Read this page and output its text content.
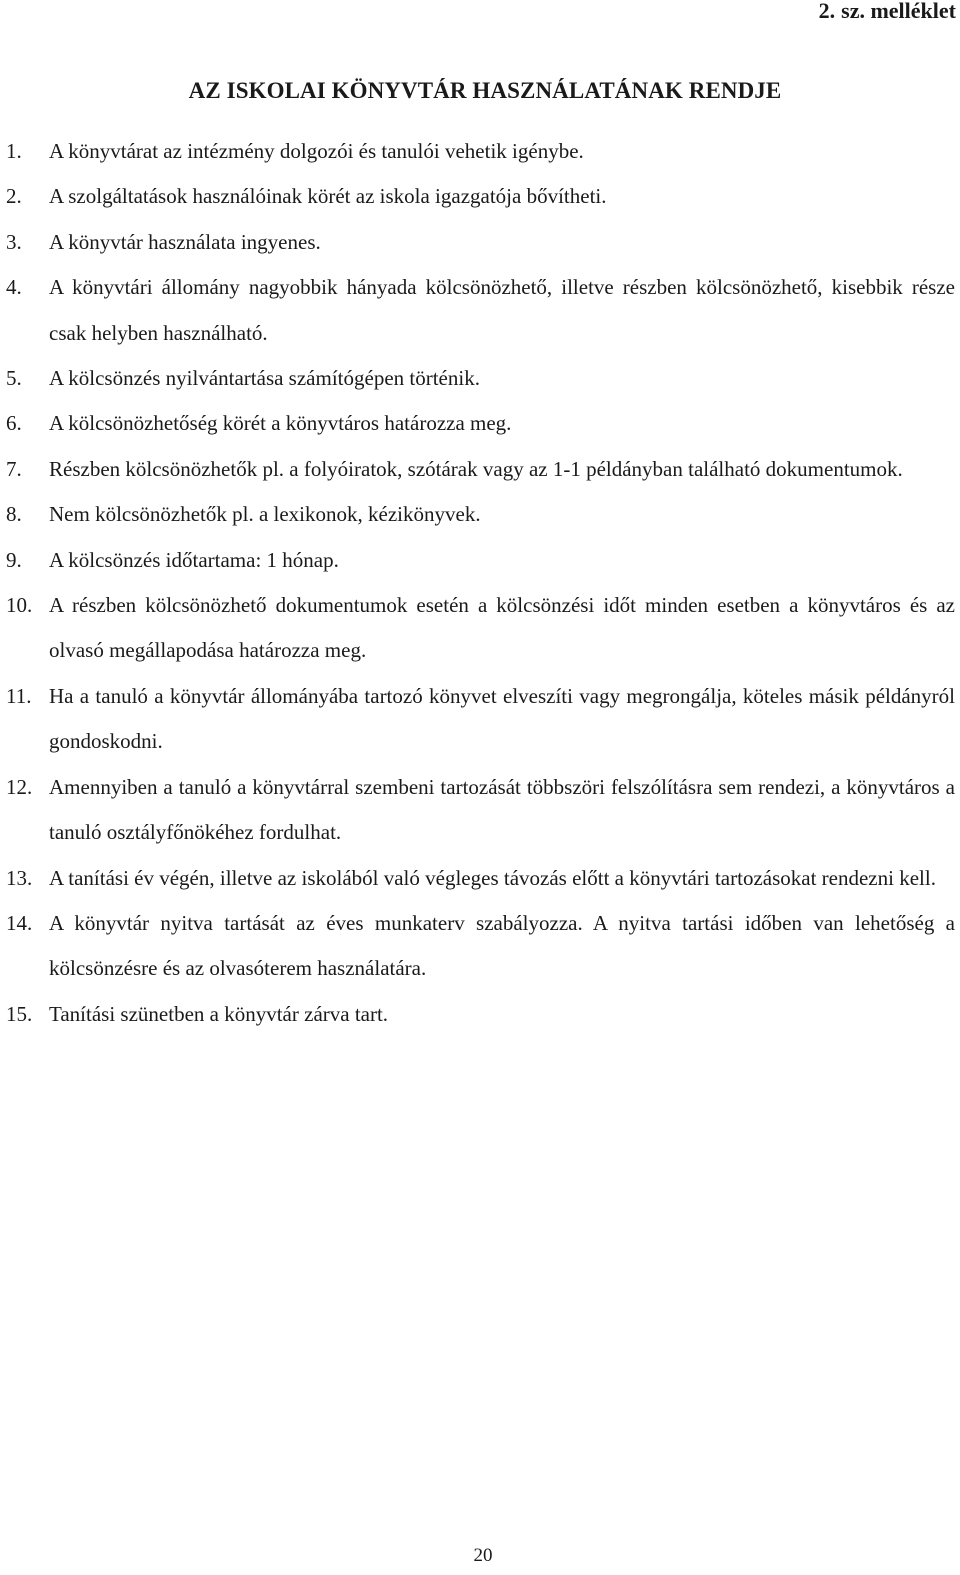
2. sz. melléklet
AZ ISKOLAI KÖNYVTÁR HASZNÁLATÁNAK RENDJE
1. A könyvtárat az intézmény dolgozói és tanulói vehetik igénybe.
2. A szolgáltatások használóinak körét az iskola igazgatója bővítheti.
3. A könyvtár használata ingyenes.
4. A könyvtári állomány nagyobbik hányada kölcsönözhető, illetve részben kölcsönözhető, kisebbik része csak helyben használható.
5. A kölcsönzés nyilvántartása számítógépen történik.
6. A kölcsönözhetőség körét a könyvtáros határozza meg.
7. Részben kölcsönözhetők pl. a folyóiratok, szótárak vagy az 1-1 példányban található dokumentumok.
8. Nem kölcsönözhetők pl. a lexikonok, kézikönyvek.
9. A kölcsönzés időtartama: 1 hónap.
10. A részben kölcsönözhető dokumentumok esetén a kölcsönzési időt minden esetben a könyvtáros és az olvasó megállapodása határozza meg.
11. Ha a tanuló a könyvtár állományába tartozó könyvet elveszíti vagy megrongálja, köteles másik példányról gondoskodni.
12. Amennyiben a tanuló a könyvtárral szembeni tartozását többszöri felszólításra sem rendezi, a könyvtáros a tanuló osztályfőnökéhez fordulhat.
13. A tanítási év végén, illetve az iskolából való végleges távozás előtt a könyvtári tartozásokat rendezni kell.
14. A könyvtár nyitva tartását az éves munkaterv szabályozza. A nyitva tartási időben van lehetőség a kölcsönzésre és az olvasóterem használatára.
15. Tanítási szünetben a könyvtár zárva tart.
20
